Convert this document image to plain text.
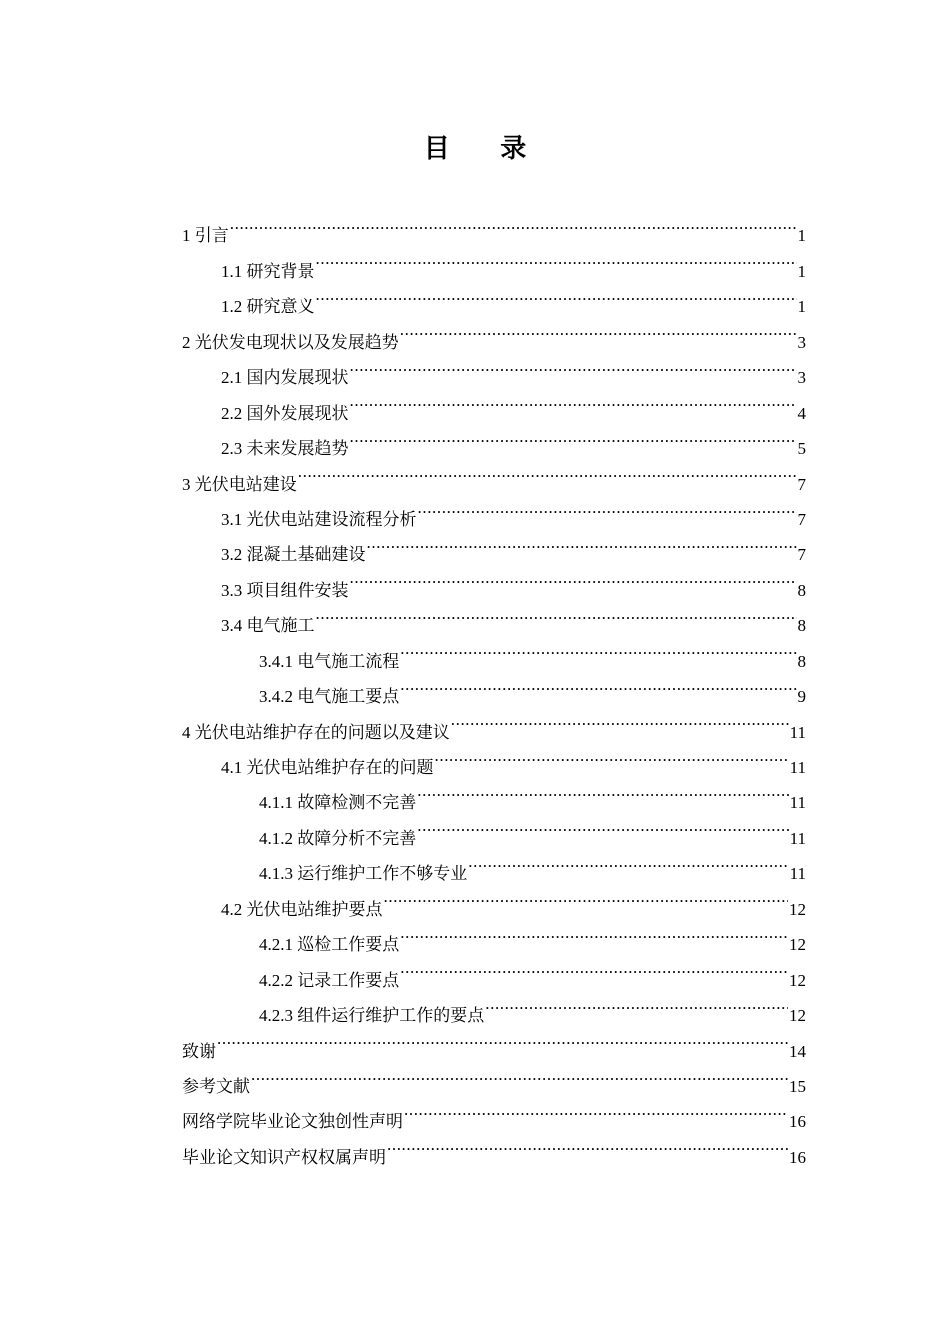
目 录
1 引言 .....	1
1.1 研究背景 .....	1
1.2 研究意义 .....	1
2 光伏发电现状以及发展趋势 .....	3
2.1 国内发展现状 .....	3
2.2 国外发展现状 .....	4
2.3 未来发展趋势 .....	5
3 光伏电站建设 .....	7
3.1 光伏电站建设流程分析 .....	7
3.2 混凝土基础建设 .....	7
3.3 项目组件安装 .....	8
3.4 电气施工 .....	8
3.4.1 电气施工流程 .....	8
3.4.2 电气施工要点 .....	9
4 光伏电站维护存在的问题以及建议 .....	11
4.1 光伏电站维护存在的问题 .....	11
4.1.1 故障检测不完善 .....	11
4.1.2 故障分析不完善 .....	11
4.1.3 运行维护工作不够专业 .....	11
4.2 光伏电站维护要点 .....	12
4.2.1 巡检工作要点 .....	12
4.2.2 记录工作要点 .....	12
4.2.3 组件运行维护工作的要点 .....	12
致谢 .....	14
参考文献 .....	15
网络学院毕业论文独创性声明 .....	16
毕业论文知识产权权属声明 .....	16
